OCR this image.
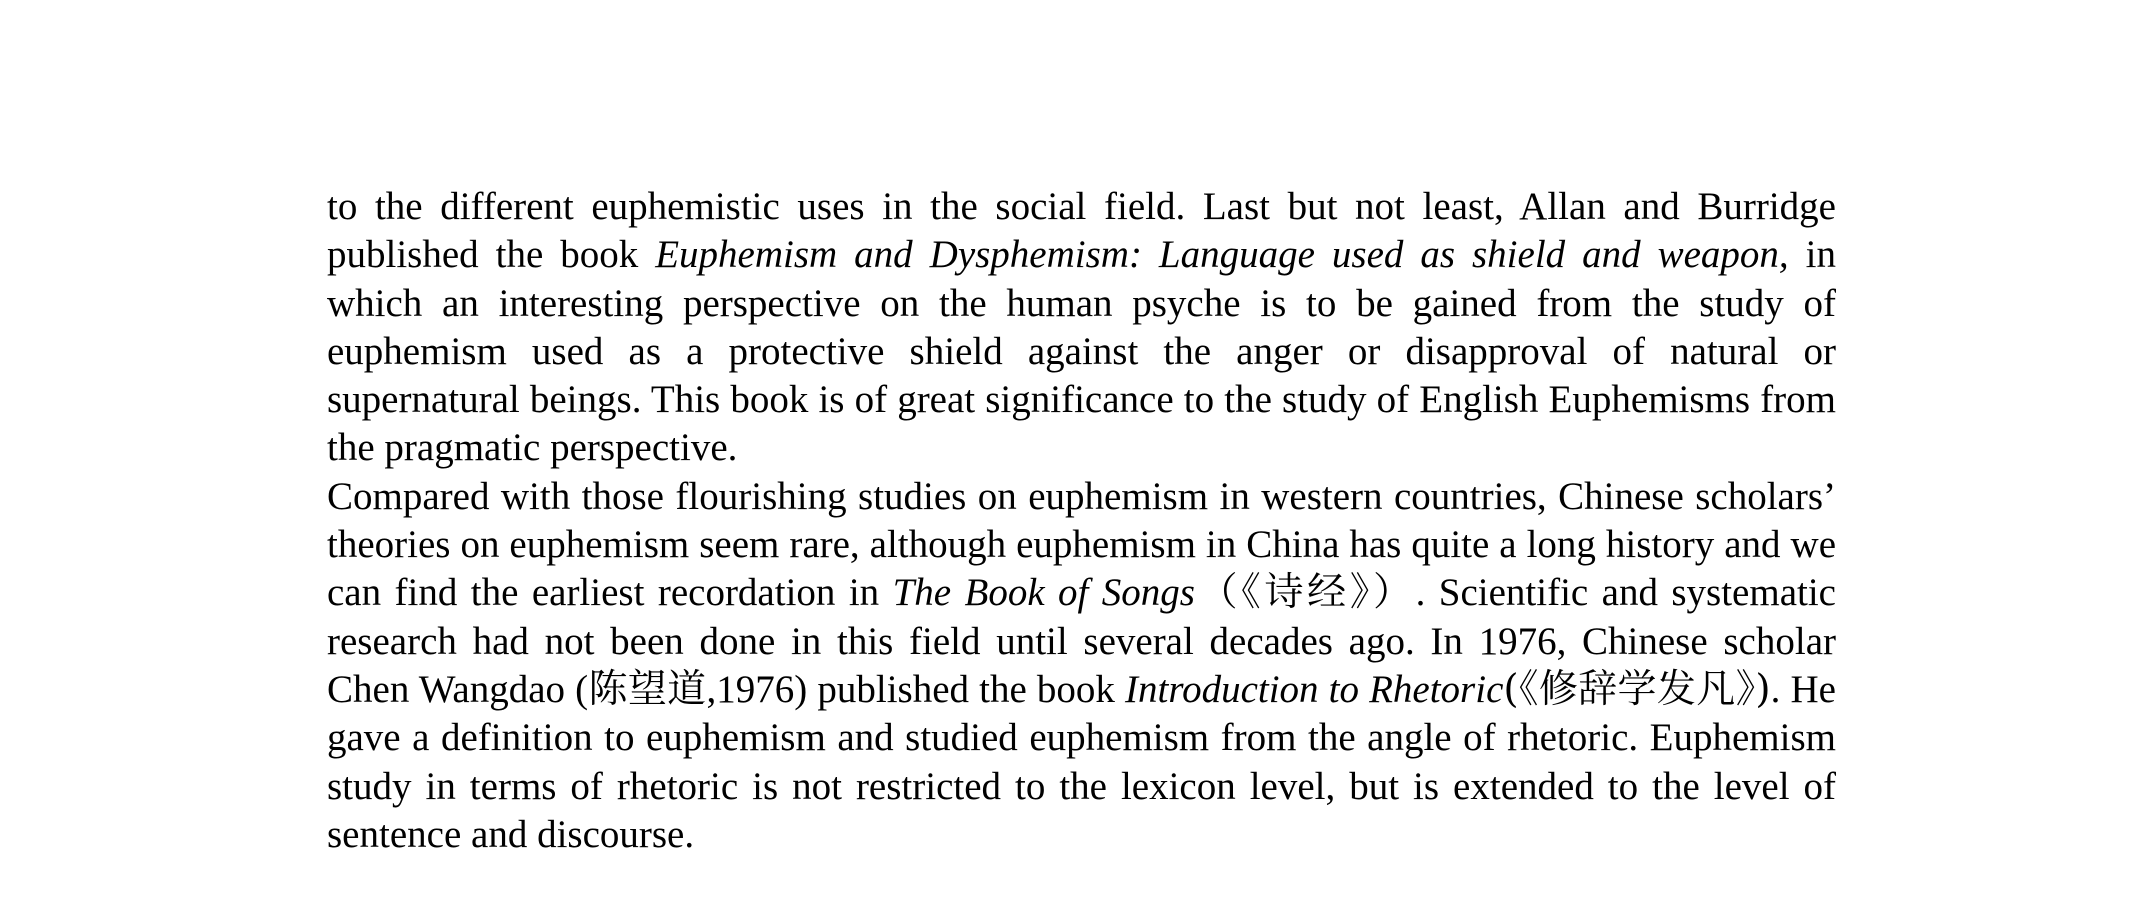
to the different euphemistic uses in the social field. Last but not least, Allan and Burridge published the book Euphemism and Dysphemism: Language used as shield and weapon, in which an interesting perspective on the human psyche is to be gained from the study of euphemism used as a protective shield against the anger or disapproval of natural or supernatural beings. This book is of great significance to the study of English Euphemisms from the pragmatic perspective.

Compared with those flourishing studies on euphemism in western countries, Chinese scholars’ theories on euphemism seem rare, although euphemism in China has quite a long history and we can find the earliest recordation in The Book of Songs（《诗经》）. Scientific and systematic research had not been done in this field until several decades ago. In 1976, Chinese scholar Chen Wangdao (陈望道,1976) published the book Introduction to Rhetoric(《修辞学发凡》). He gave a definition to euphemism and studied euphemism from the angle of rhetoric. Euphemism study in terms of rhetoric is not restricted to the lexicon level, but is extended to the level of sentence and discourse.
